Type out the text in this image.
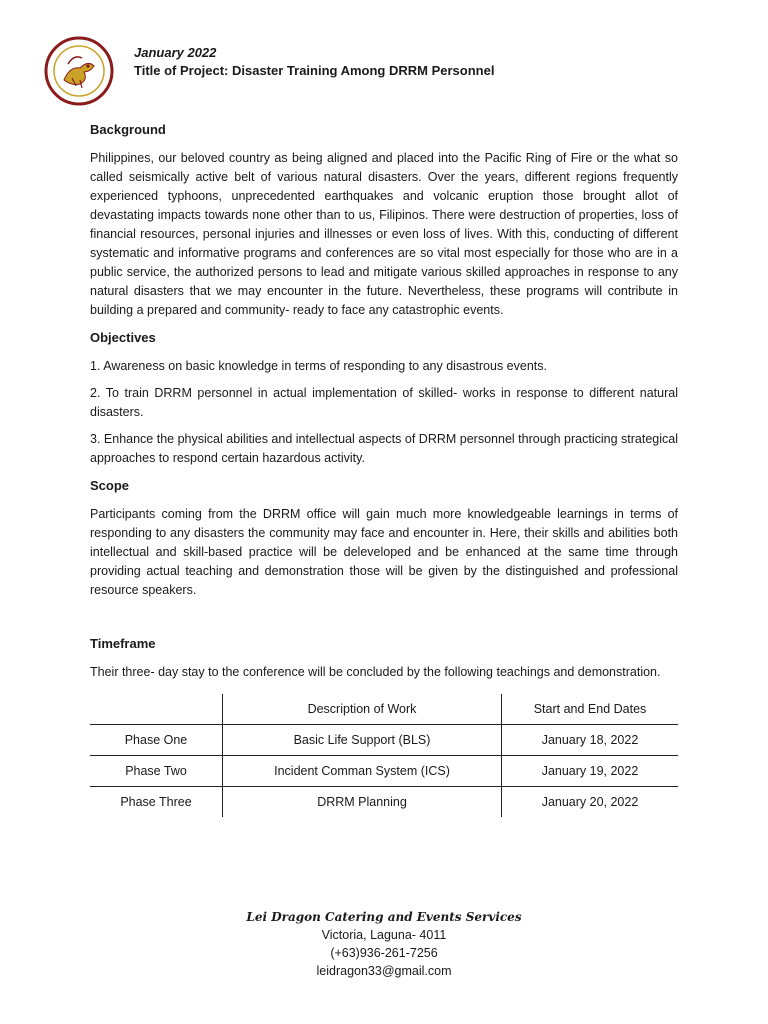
January 2022
Title of Project: Disaster Training Among DRRM Personnel
Background

Philippines, our beloved country as being aligned and placed into the Pacific Ring of Fire or the what so called seismically active belt of various natural disasters. Over the years, different regions frequently experienced typhoons, unprecedented earthquakes and volcanic eruption those brought allot of devastating impacts towards none other than to us, Filipinos. There were destruction of properties, loss of financial resources, personal injuries and illnesses or even loss of lives. With this, conducting of different systematic and informative programs and conferences are so vital most especially for those who are in a public service, the authorized persons to lead and mitigate various skilled approaches in response to any natural disasters that we may encounter in the future. Nevertheless, these programs will contribute in building a prepared and community- ready to face any catastrophic events.

Objectives

1. Awareness on basic knowledge in terms of responding to any disastrous events.

2. To train DRRM personnel in actual implementation of skilled- works in response to different natural disasters.

3. Enhance the physical abilities and intellectual aspects of DRRM personnel through practicing strategical approaches to respond certain hazardous activity.

Scope

Participants coming from the DRRM office will gain much more knowledgeable learnings in terms of responding to any disasters the community may face and encounter in. Here, their skills and abilities both intellectual and skill-based practice will be deleveloped and be enhanced at the same time through providing actual teaching and demonstration those will be given by the distinguished and professional resource speakers.

Timeframe

Their three- day stay to the conference will be concluded by the following teachings and demonstration.

	Description of Work	Start and End Dates
Phase One	Basic Life Support (BLS)	January 18, 2022
Phase Two	Incident Comman System (ICS)	January 19, 2022
Phase Three	DRRM Planning	January 20, 2022
Lei Dragon Catering and Events Services
Victoria, Laguna- 4011
(+63)936-261-7256
leidragon33@gmail.com
